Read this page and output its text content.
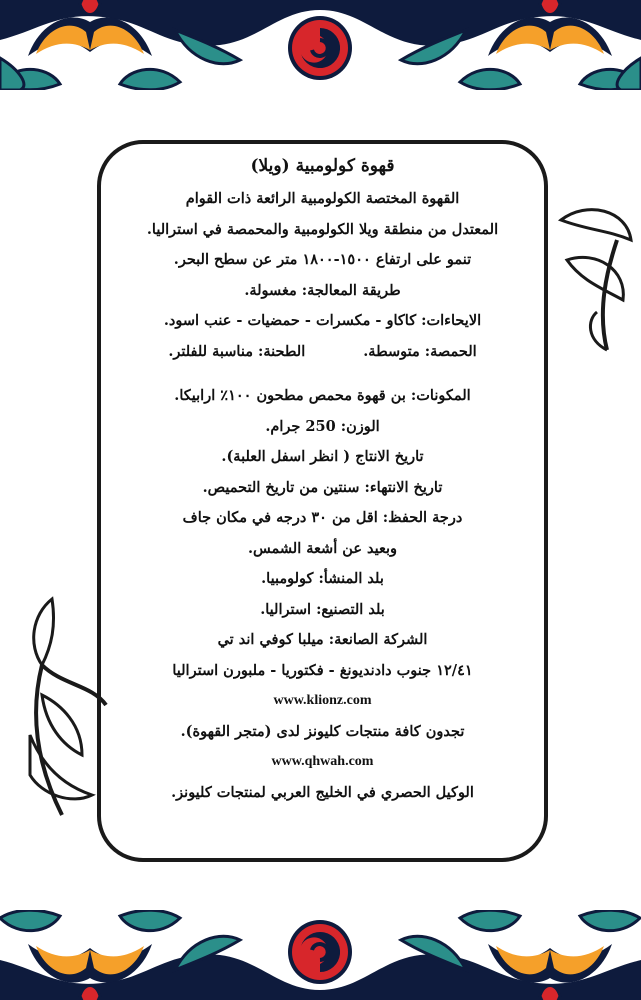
قهوة كولومبية (ويلا)
القهوة المختصة الكولومبية الرائعة ذات القوام
المعتدل من منطقة ويلا الكولومبية والمحمصة في استراليا.
تنمو على ارتفاع ١٥٠٠-١٨٠٠ متر عن سطح البحر.
طريقة المعالجة: مغسولة.
الايحاءات: كاكاو - مكسرات - حمضيات - عنب اسود.
الحمصة: متوسطة.
الطحنة: مناسبة للفلتر.
المكونات: بن قهوة محمص مطحون ١٠٠٪ ارابيكا.
الوزن: 250 جرام.
تاريخ الانتاج ( انظر اسفل العلبة).
تاريخ الانتهاء: سنتين من تاريخ التحميص.
درجة الحفظ: اقل من ٣٠ درجه في مكان جاف
وبعيد عن أشعة الشمس.
بلد المنشأ: كولومبيا.
بلد التصنيع: استراليا.
الشركة الصانعة: ميلبا كوفي اند تي
١٢/٤١ جنوب دادنديونغ - فكتوريا - ملبورن استراليا
www.klionz.com
تجدون كافة منتجات كليونز لدى (متجر القهوة).
www.qhwah.com
الوكيل الحصري في الخليج العربي لمنتجات كليونز.
